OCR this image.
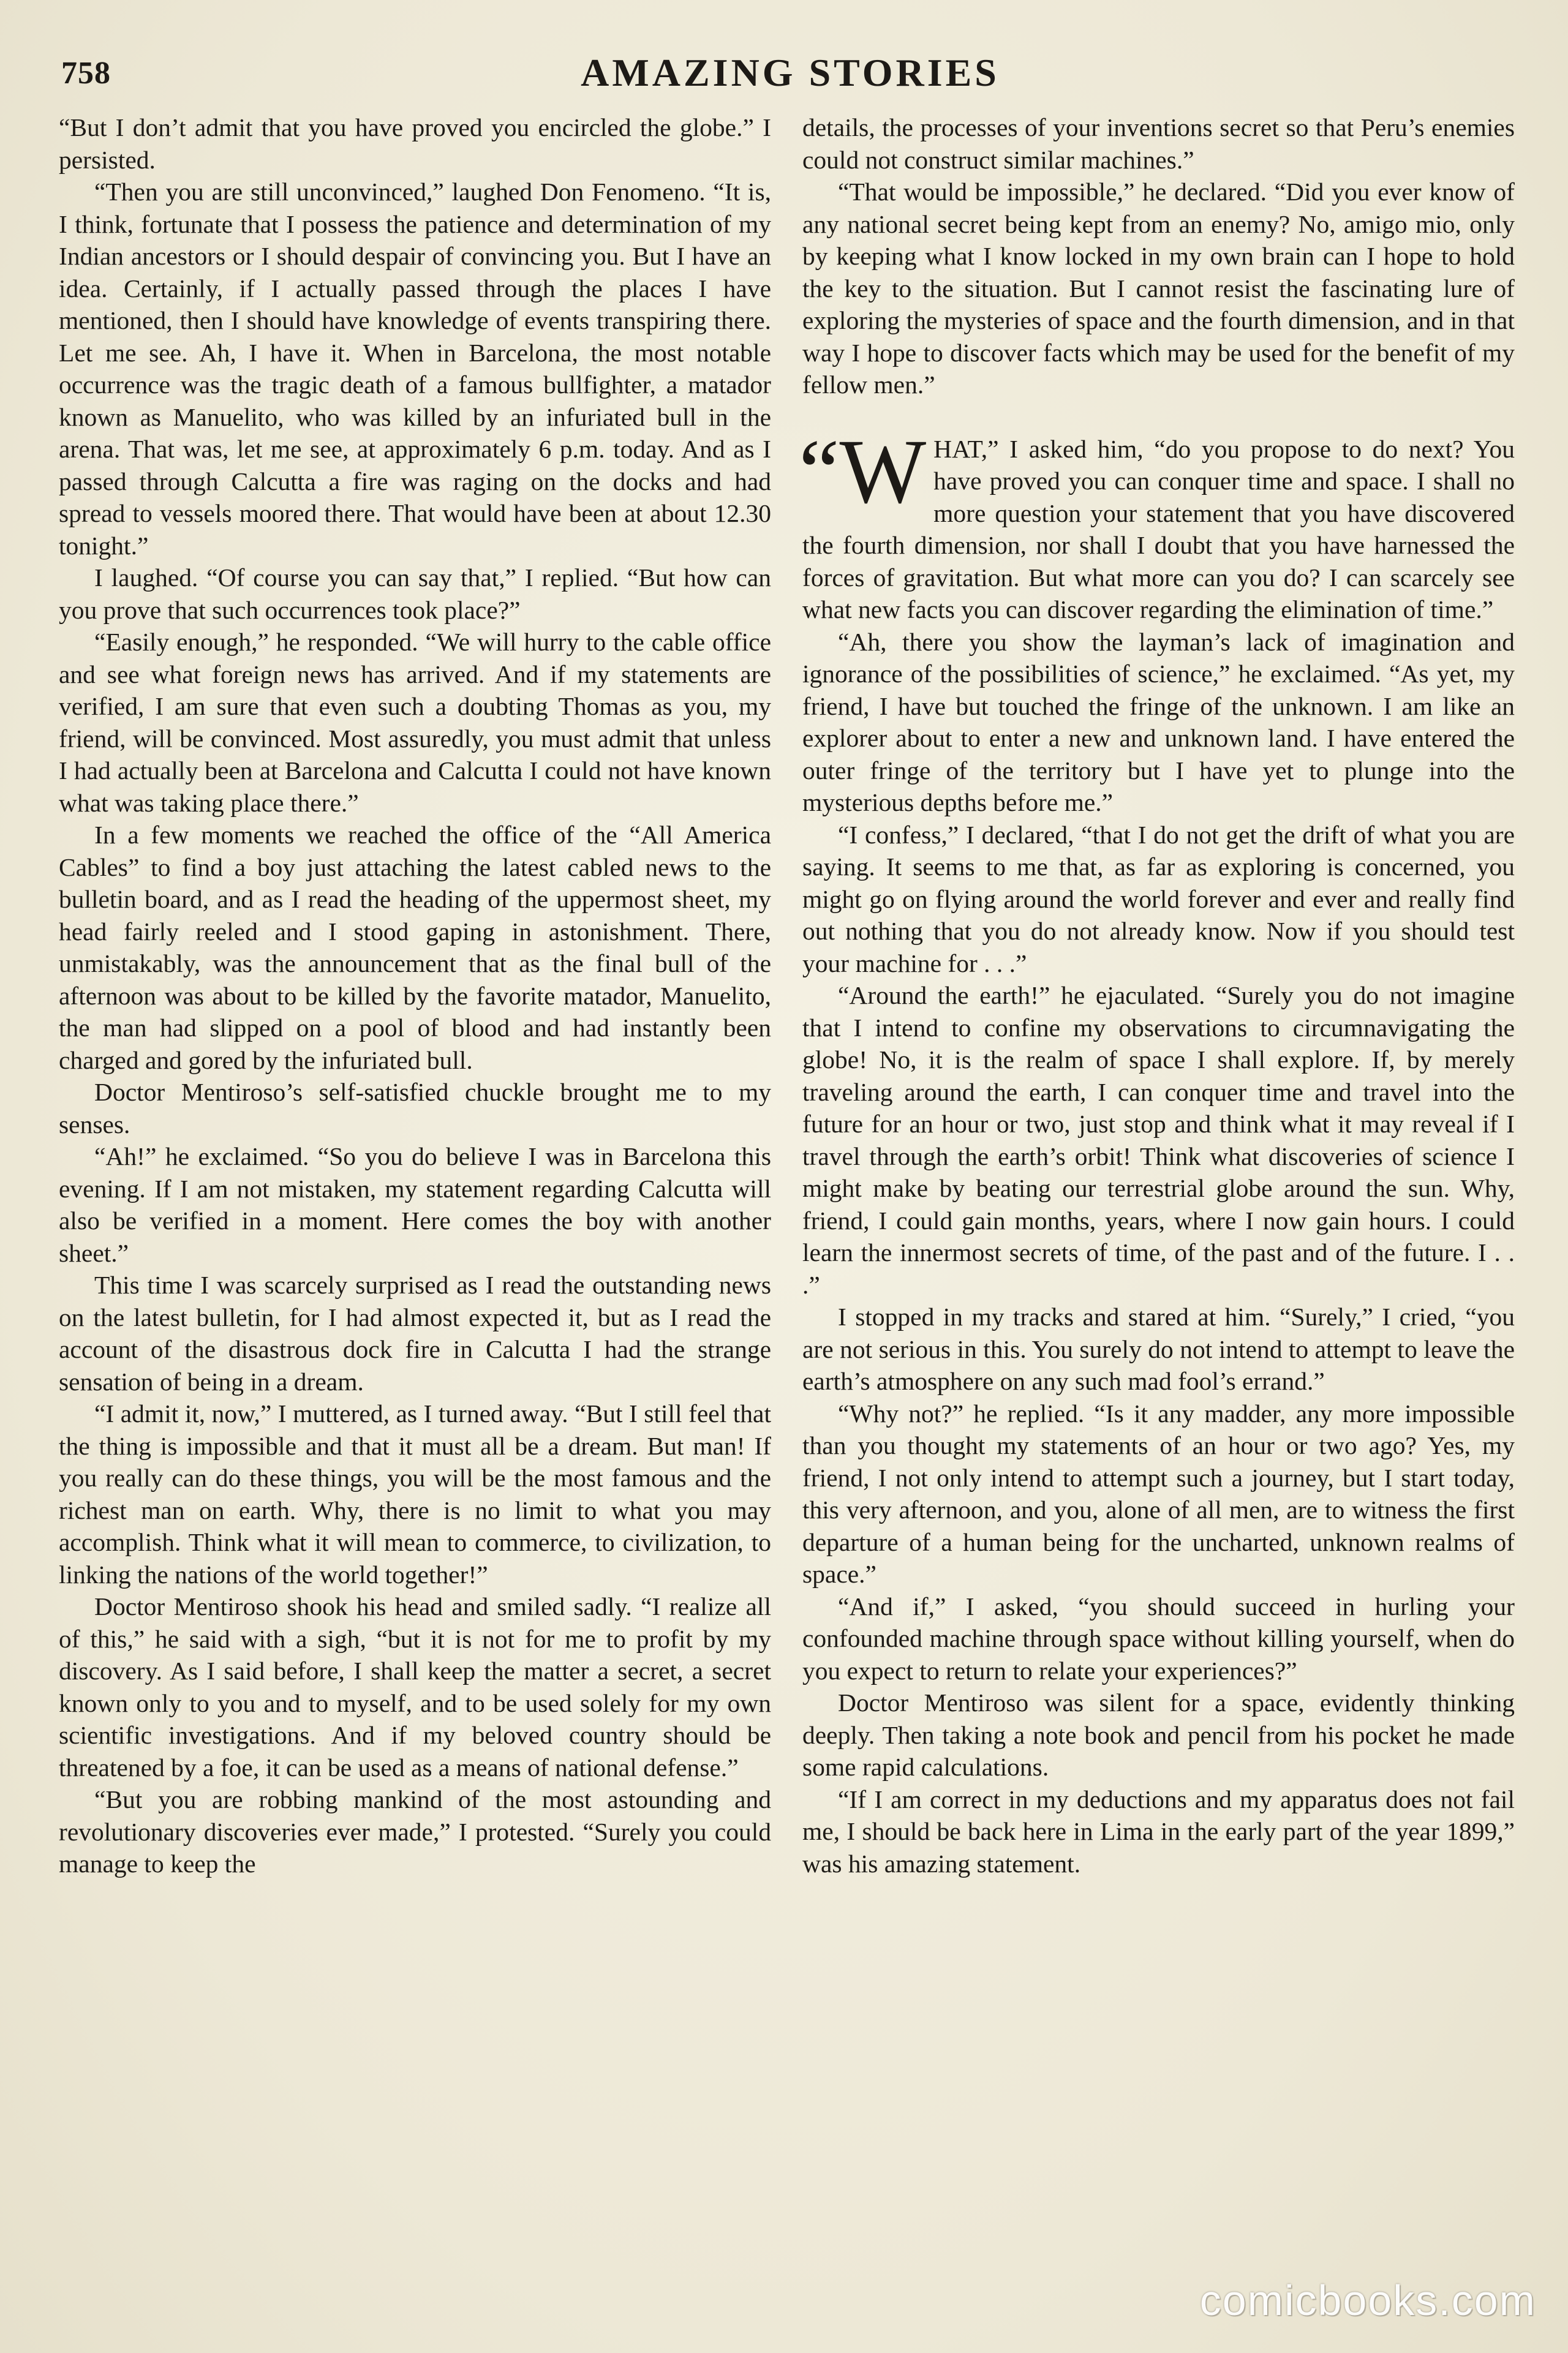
758	AMAZING STORIES

“But I don’t admit that you have proved you encircled the globe.” I persisted.

“Then you are still unconvinced,” laughed Don Fenomeno. “It is, I think, fortunate that I possess the patience and determination of my Indian ancestors or I should despair of convincing you. But I have an idea. Certainly, if I actually passed through the places I have mentioned, then I should have knowledge of events transpiring there. Let me see. Ah, I have it. When in Barcelona, the most notable occurrence was the tragic death of a famous bullfighter, a matador known as Manuelito, who was killed by an infuriated bull in the arena. That was, let me see, at approximately 6 p.m. today. And as I passed through Calcutta a fire was raging on the docks and had spread to vessels moored there. That would have been at about 12.30 tonight.”

I laughed. “Of course you can say that,” I replied. “But how can you prove that such occurrences took place?”

“Easily enough,” he responded. “We will hurry to the cable office and see what foreign news has arrived. And if my statements are verified, I am sure that even such a doubting Thomas as you, my friend, will be convinced. Most assuredly, you must admit that unless I had actually been at Barcelona and Calcutta I could not have known what was taking place there.”

In a few moments we reached the office of the “All America Cables” to find a boy just attaching the latest cabled news to the bulletin board, and as I read the heading of the uppermost sheet, my head fairly reeled and I stood gaping in astonishment. There, unmistakably, was the announcement that as the final bull of the afternoon was about to be killed by the favorite matador, Manuelito, the man had slipped on a pool of blood and had instantly been charged and gored by the infuriated bull.

Doctor Mentiroso’s self-satisfied chuckle brought me to my senses.

“Ah!” he exclaimed. “So you do believe I was in Barcelona this evening. If I am not mistaken, my statement regarding Calcutta will also be verified in a moment. Here comes the boy with another sheet.”

This time I was scarcely surprised as I read the outstanding news on the latest bulletin, for I had almost expected it, but as I read the account of the disastrous dock fire in Calcutta I had the strange sensation of being in a dream.

“I admit it, now,” I muttered, as I turned away. “But I still feel that the thing is impossible and that it must all be a dream. But man! If you really can do these things, you will be the most famous and the richest man on earth. Why, there is no limit to what you may accomplish. Think what it will mean to commerce, to civilization, to linking the nations of the world together!”

Doctor Mentiroso shook his head and smiled sadly. “I realize all of this,” he said with a sigh, “but it is not for me to profit by my discovery. As I said before, I shall keep the matter a secret, a secret known only to you and to myself, and to be used solely for my own scientific investigations. And if my beloved country should be threatened by a foe, it can be used as a means of national defense.”

“But you are robbing mankind of the most astounding and revolutionary discoveries ever made,” I protested. “Surely you could manage to keep the

details, the processes of your inventions secret so that Peru’s enemies could not construct similar machines.”

“That would be impossible,” he declared. “Did you ever know of any national secret being kept from an enemy? No, amigo mio, only by keeping what I know locked in my own brain can I hope to hold the key to the situation. But I cannot resist the fascinating lure of exploring the mysteries of space and the fourth dimension, and in that way I hope to discover facts which may be used for the benefit of my fellow men.”

“W HAT,” I asked him, “do you propose to do next? You have proved you can conquer time and space. I shall no more question your statement that you have discovered the fourth dimension, nor shall I doubt that you have harnessed the forces of gravitation. But what more can you do? I can scarcely see what new facts you can discover regarding the elimination of time.”

“Ah, there you show the layman’s lack of imagination and ignorance of the possibilities of science,” he exclaimed. “As yet, my friend, I have but touched the fringe of the unknown. I am like an explorer about to enter a new and unknown land. I have entered the outer fringe of the territory but I have yet to plunge into the mysterious depths before me.”

“I confess,” I declared, “that I do not get the drift of what you are saying. It seems to me that, as far as exploring is concerned, you might go on flying around the world forever and ever and really find out nothing that you do not already know. Now if you should test your machine for . . .”

“Around the earth!” he ejaculated. “Surely you do not imagine that I intend to confine my observations to circumnavigating the globe! No, it is the realm of space I shall explore. If, by merely traveling around the earth, I can conquer time and travel into the future for an hour or two, just stop and think what it may reveal if I travel through the earth’s orbit! Think what discoveries of science I might make by beating our terrestrial globe around the sun. Why, friend, I could gain months, years, where I now gain hours. I could learn the innermost secrets of time, of the past and of the future. I . . .”

I stopped in my tracks and stared at him. “Surely,” I cried, “you are not serious in this. You surely do not intend to attempt to leave the earth’s atmosphere on any such mad fool’s errand.”

“Why not?” he replied. “Is it any madder, any more impossible than you thought my statements of an hour or two ago? Yes, my friend, I not only intend to attempt such a journey, but I start today, this very afternoon, and you, alone of all men, are to witness the first departure of a human being for the uncharted, unknown realms of space.”

“And if,” I asked, “you should succeed in hurling your confounded machine through space without killing yourself, when do you expect to return to relate your experiences?”

Doctor Mentiroso was silent for a space, evidently thinking deeply. Then taking a note book and pencil from his pocket he made some rapid calculations.

“If I am correct in my deductions and my apparatus does not fail me, I should be back here in Lima in the early part of the year 1899,” was his amazing statement.

comicbooks.com
